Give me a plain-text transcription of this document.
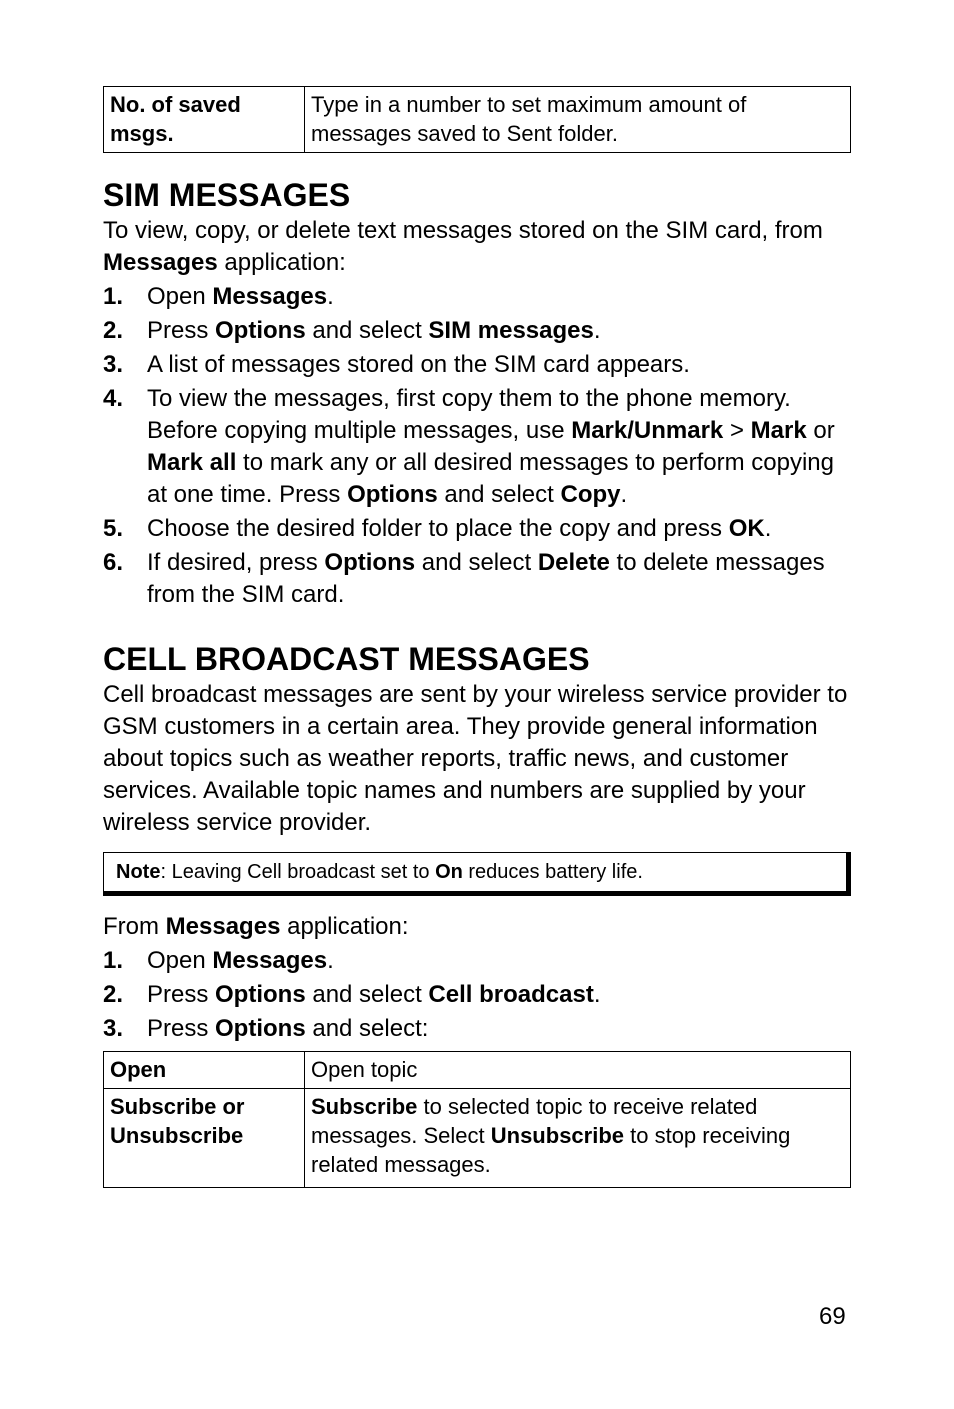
No. of saved msgs.	Type in a number to set maximum amount of messages saved to Sent folder.
SIM MESSAGES

To view, copy, or delete text messages stored on the SIM card, from Messages application:

1. Open Messages.
2. Press Options and select SIM messages.
3. A list of messages stored on the SIM card appears.
4. To view the messages, first copy them to the phone memory. Before copying multiple messages, use Mark/Unmark > Mark or Mark all to mark any or all desired messages to perform copying at one time. Press Options and select Copy.
5. Choose the desired folder to place the copy and press OK.
6. If desired, press Options and select Delete to delete messages from the SIM card.
CELL BROADCAST MESSAGES

Cell broadcast messages are sent by your wireless service provider to GSM customers in a certain area. They provide general information about topics such as weather reports, traffic news, and customer services. Available topic names and numbers are supplied by your wireless service provider.

Note: Leaving Cell broadcast set to On reduces battery life.

From Messages application:

1. Open Messages.
2. Press Options and select Cell broadcast.
3. Press Options and select:
Open	Open topic
Subscribe or Unsubscribe	Subscribe to selected topic to receive related messages. Select Unsubscribe to stop receiving related messages.
69
